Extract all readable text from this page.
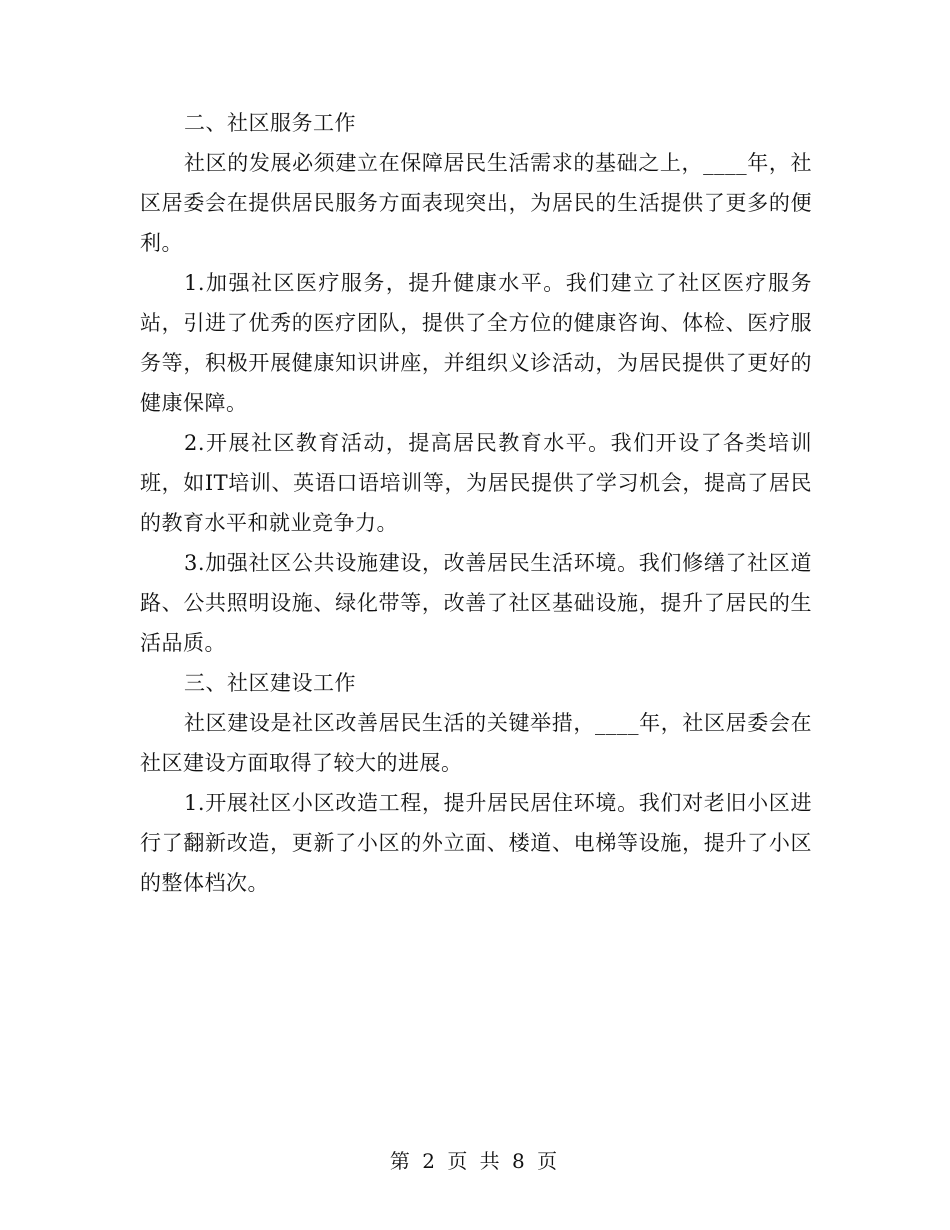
二、社区服务工作

社区的发展必须建立在保障居民生活需求的基础之上，____年，社区居委会在提供居民服务方面表现突出，为居民的生活提供了更多的便利。

1.加强社区医疗服务，提升健康水平。我们建立了社区医疗服务站，引进了优秀的医疗团队，提供了全方位的健康咨询、体检、医疗服务等，积极开展健康知识讲座，并组织义诊活动，为居民提供了更好的健康保障。

2.开展社区教育活动，提高居民教育水平。我们开设了各类培训班，如IT培训、英语口语培训等，为居民提供了学习机会，提高了居民的教育水平和就业竞争力。

3.加强社区公共设施建设，改善居民生活环境。我们修缮了社区道路、公共照明设施、绿化带等，改善了社区基础设施，提升了居民的生活品质。

三、社区建设工作

社区建设是社区改善居民生活的关键举措，____年，社区居委会在社区建设方面取得了较大的进展。

1.开展社区小区改造工程，提升居民居住环境。我们对老旧小区进行了翻新改造，更新了小区的外立面、楼道、电梯等设施，提升了小区的整体档次。

第 2 页 共 8 页
